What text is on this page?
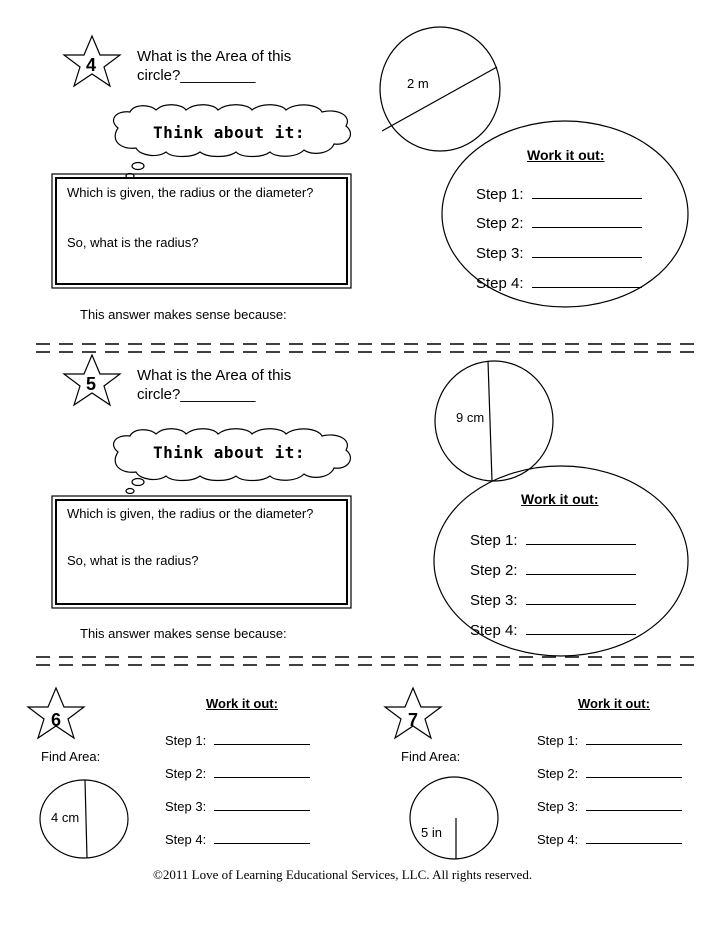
4	What is the Area of this
circle?_________	2 m
Think about it:
Which is given, the radius or the diameter?
So, what is the radius?
Work it out:
Step 1:
Step 2:
Step 3:
Step 4:
This answer makes sense because:
5	What is the Area of this
circle?_________
9 cm
Think about it:
Which is given, the radius or the diameter?
So, what is the radius?
Work it out:
Step 1:
Step 2:
Step 3:
Step 4:
This answer makes sense because:
6
Find Area:
4 cm
Work it out:
Step 1:
Step 2:
Step 3:
Step 4:
7
Find Area:
5 in
Work it out:
Step 1:
Step 2:
Step 3:
Step 4:
©2011 Love of Learning Educational Services, LLC. All rights reserved.
